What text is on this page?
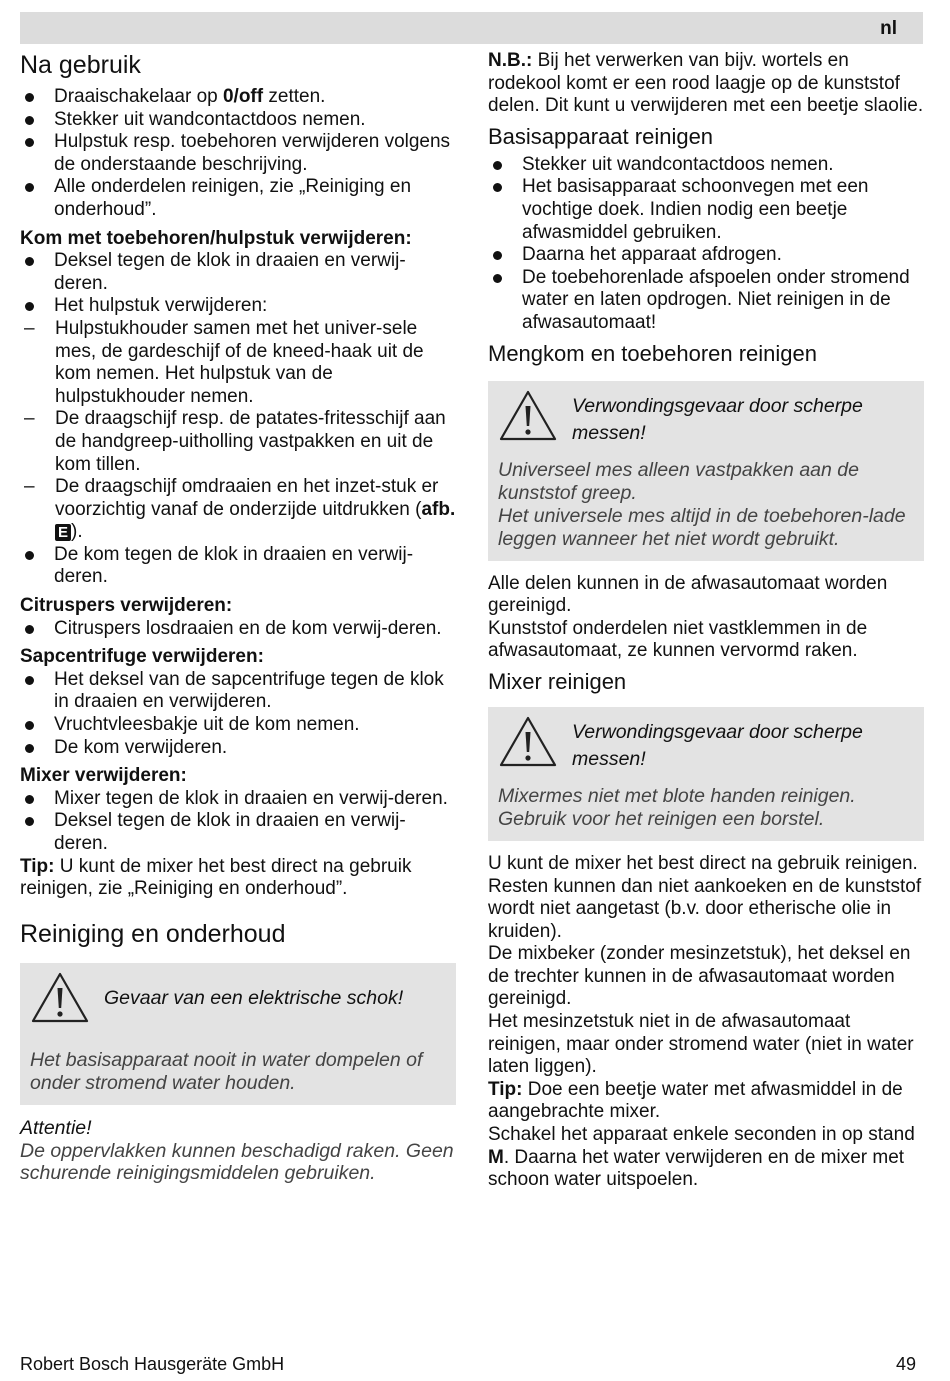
nl
Na gebruik
Draaischakelaar op 0/off zetten.
Stekker uit wandcontactdoos nemen.
Hulpstuk resp. toebehoren verwijderen volgens de onderstaande beschrijving.
Alle onderdelen reinigen, zie „Reiniging en onderhoud”.
Kom met toebehoren/hulpstuk verwijderen:
Deksel tegen de klok in draaien en verwij-deren.
Het hulpstuk verwijderen:
– Hulpstukhouder samen met het univer-sele mes, de gardeschijf of de kneed-haak uit de kom nemen. Het hulpstuk van de hulpstukhouder nemen.
– De draagschijf resp. de patates-fritesschijf aan de handgreep-uitholling vastpakken en uit de kom tillen.
– De draagschijf omdraaien en het inzet-stuk er voorzichtig vanaf de onderzijde uitdrukken (afb. E ).
De kom tegen de klok in draaien en verwij-deren.
Citruspers verwijderen:
Citruspers losdraaien en de kom verwij-deren.
Sapcentrifuge verwijderen:
Het deksel van de sapcentrifuge tegen de klok in draaien en verwijderen.
Vruchtvleesbakje uit de kom nemen.
De kom verwijderen.
Mixer verwijderen:
Mixer tegen de klok in draaien en verwij-deren.
Deksel tegen de klok in draaien en verwij-deren.

Tip: U kunt de mixer het best direct na gebruik reinigen, zie „Reiniging en onderhoud”.

Reiniging en onderhoud
Gevaar van een elektrische schok!
Het basisapparaat nooit in water dompelen of onder stromend water houden.
Attentie!
De oppervlakken kunnen beschadigd raken. Geen schurende reinigingsmiddelen gebruiken.

N.B.: Bij het verwerken van bijv. wortels en rodekool komt er een rood laagje op de kunststof delen. Dit kunt u verwijderen met een beetje slaolie.

Basisapparaat reinigen
Stekker uit wandcontactdoos nemen.
Het basisapparaat schoonvegen met een vochtige doek. Indien nodig een beetje afwasmiddel gebruiken.
Daarna het apparaat afdrogen.
De toebehorenlade afspoelen onder stromend water en laten opdrogen. Niet reinigen in de afwasautomaat!
Mengkom en toebehoren reinigen
Verwondingsgevaar door scherpe messen!

Universeel mes alleen vastpakken aan de kunststof greep.

Het universele mes altijd in de toebehoren-lade leggen wanneer het niet wordt gebruikt.

Alle delen kunnen in de afwasautomaat worden gereinigd.

Kunststof onderdelen niet vastklemmen in de afwasautomaat, ze kunnen vervormd raken.

Mixer reinigen
Verwondingsgevaar door scherpe messen!
Mixermes niet met blote handen reinigen. Gebruik voor het reinigen een borstel.

U kunt de mixer het best direct na gebruik reinigen. Resten kunnen dan niet aankoeken en de kunststof wordt niet aangetast (b.v. door etherische olie in kruiden).

De mixbeker (zonder mesinzetstuk), het deksel en de trechter kunnen in de afwasautomaat worden gereinigd.

Het mesinzetstuk niet in de afwasautomaat reinigen, maar onder stromend water (niet in water laten liggen).

Tip: Doe een beetje water met afwasmiddel in de aangebrachte mixer.

Schakel het apparaat enkele seconden in op stand M. Daarna het water verwijderen en de mixer met schoon water uitspoelen.

Robert Bosch Hausgeräte GmbH	49
